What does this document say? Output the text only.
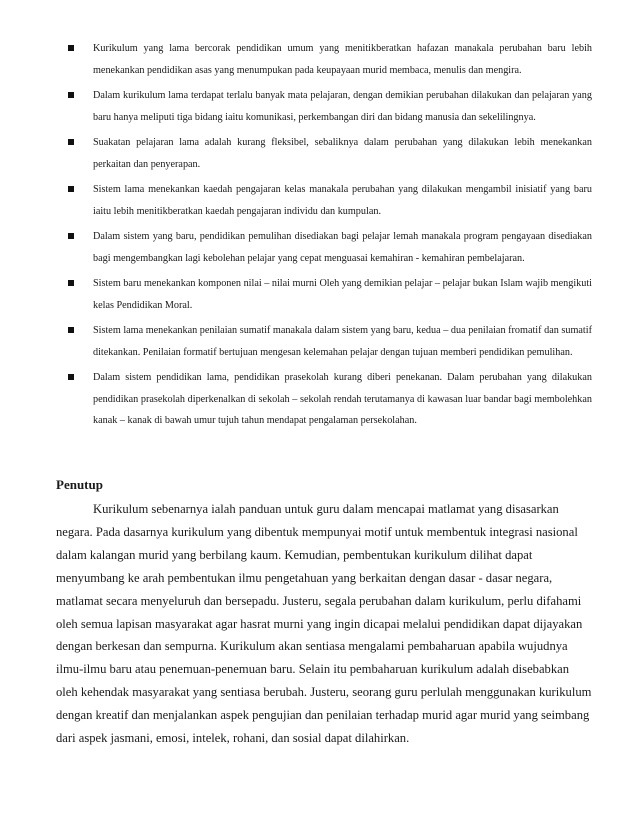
Kurikulum yang lama bercorak pendidikan umum yang menitikberatkan hafazan manakala perubahan baru lebih menekankan pendidikan asas yang menumpukan pada keupayaan murid membaca, menulis dan mengira.
Dalam kurikulum lama terdapat terlalu banyak mata pelajaran, dengan demikian perubahan dilakukan dan pelajaran yang baru hanya meliputi tiga bidang iaitu komunikasi, perkembangan diri dan bidang manusia dan sekelilingnya.
Suakatan pelajaran lama adalah kurang fleksibel, sebaliknya dalam perubahan yang dilakukan lebih menekankan perkaitan dan penyerapan.
Sistem lama menekankan kaedah pengajaran kelas manakala perubahan yang dilakukan mengambil inisiatif yang baru iaitu lebih menitikberatkan kaedah pengajaran individu dan kumpulan.
Dalam sistem yang baru, pendidikan pemulihan disediakan bagi pelajar lemah manakala program pengayaan disediakan bagi mengembangkan lagi kebolehan pelajar yang cepat menguasai kemahiran - kemahiran pembelajaran.
Sistem baru menekankan komponen nilai – nilai murni Oleh yang demikian pelajar – pelajar bukan Islam wajib mengikuti kelas Pendidikan Moral.
Sistem lama menekankan penilaian sumatif manakala dalam sistem yang baru, kedua – dua penilaian fromatif dan sumatif ditekankan. Penilaian formatif bertujuan mengesan kelemahan pelajar dengan tujuan memberi pendidikan pemulihan.
Dalam sistem pendidikan lama, pendidikan prasekolah kurang diberi penekanan. Dalam perubahan yang dilakukan pendidikan prasekolah diperkenalkan di sekolah – sekolah rendah terutamanya di kawasan luar bandar bagi membolehkan kanak – kanak di bawah umur tujuh tahun mendapat pengalaman persekolahan.
Penutup

Kurikulum sebenarnya ialah panduan untuk guru dalam mencapai matlamat yang disasarkan negara. Pada dasarnya kurikulum yang dibentuk mempunyai motif untuk membentuk integrasi nasional dalam kalangan murid yang berbilang kaum. Kemudian, pembentukan kurikulum dilihat dapat menyumbang ke arah pembentukan ilmu pengetahuan yang berkaitan dengan dasar - dasar negara, matlamat secara menyeluruh dan bersepadu. Justeru, segala perubahan dalam kurikulum, perlu difahami oleh semua lapisan masyarakat agar hasrat murni yang ingin dicapai melalui pendidikan dapat dijayakan dengan berkesan dan sempurna. Kurikulum akan sentiasa mengalami pembaharuan apabila wujudnya ilmu-ilmu baru atau penemuan-penemuan baru. Selain itu pembaharuan kurikulum adalah disebabkan oleh kehendak masyarakat yang sentiasa berubah. Justeru, seorang guru perlulah menggunakan kurikulum dengan kreatif dan menjalankan aspek pengujian dan penilaian terhadap murid agar murid yang seimbang dari aspek jasmani, emosi, intelek, rohani, dan sosial dapat dilahirkan.
